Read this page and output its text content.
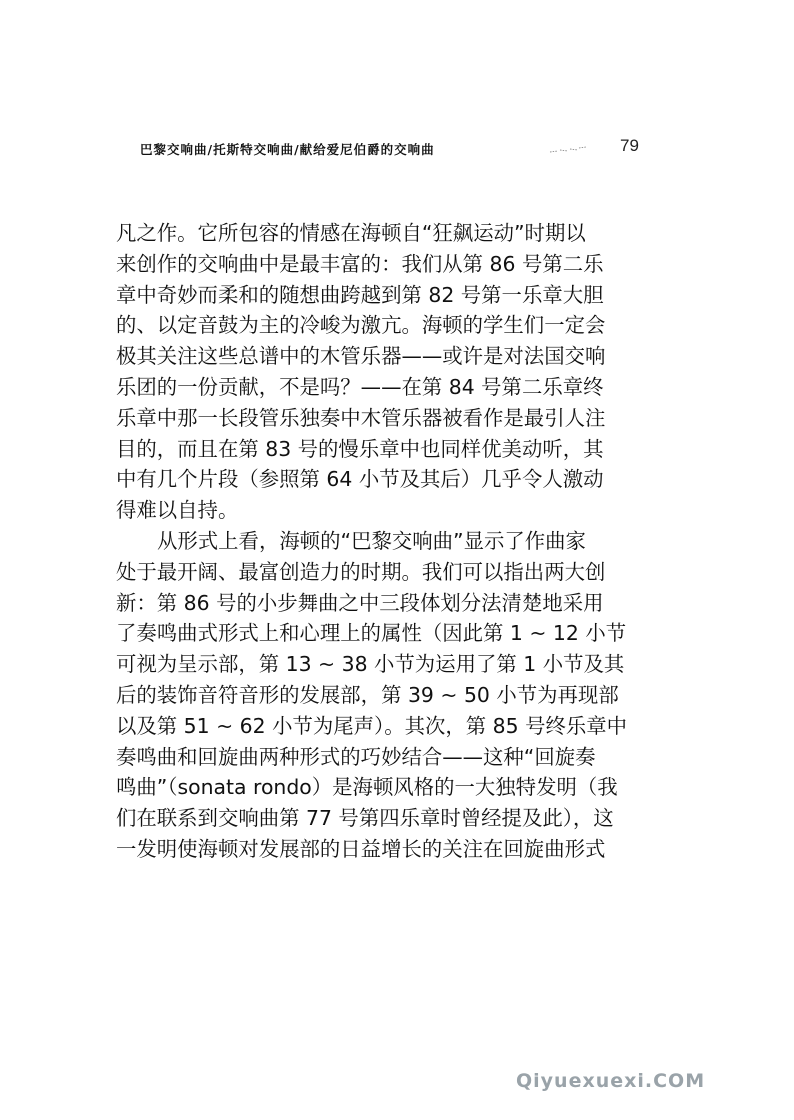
巴黎交响曲/托斯特交响曲/献给爱尼伯爵的交响曲	79
凡之作。它所包容的情感在海顿自“狂飙运动”时期以
来创作的交响曲中是最丰富的：我们从第 86 号第二乐
章中奇妙而柔和的随想曲跨越到第 82 号第一乐章大胆
的、以定音鼓为主的冷峻为激亢。海顿的学生们一定会
极其关注这些总谱中的木管乐器——或许是对法国交响
乐团的一份贡献，不是吗？——在第 84 号第二乐章终
乐章中那一长段管乐独奏中木管乐器被看作是最引人注
目的，而且在第 83 号的慢乐章中也同样优美动听，其
中有几个片段（参照第 64 小节及其后）几乎令人激动
得难以自持。
从形式上看，海顿的“巴黎交响曲”显示了作曲家
处于最开阔、最富创造力的时期。我们可以指出两大创
新：第 86 号的小步舞曲之中三段体划分法清楚地采用
了奏鸣曲式形式上和心理上的属性（因此第 1 ~ 12 小节
可视为呈示部，第 13 ~ 38 小节为运用了第 1 小节及其
后的装饰音符音形的发展部，第 39 ~ 50 小节为再现部
以及第 51 ~ 62 小节为尾声）。其次，第 85 号终乐章中
奏鸣曲和回旋曲两种形式的巧妙结合——这种“回旋奏
鸣曲”（sonata rondo）是海顿风格的一大独特发明（我
们在联系到交响曲第 77 号第四乐章时曾经提及此），这
一发明使海顿对发展部的日益增长的关注在回旋曲形式
Qiyuexuexi.COM
